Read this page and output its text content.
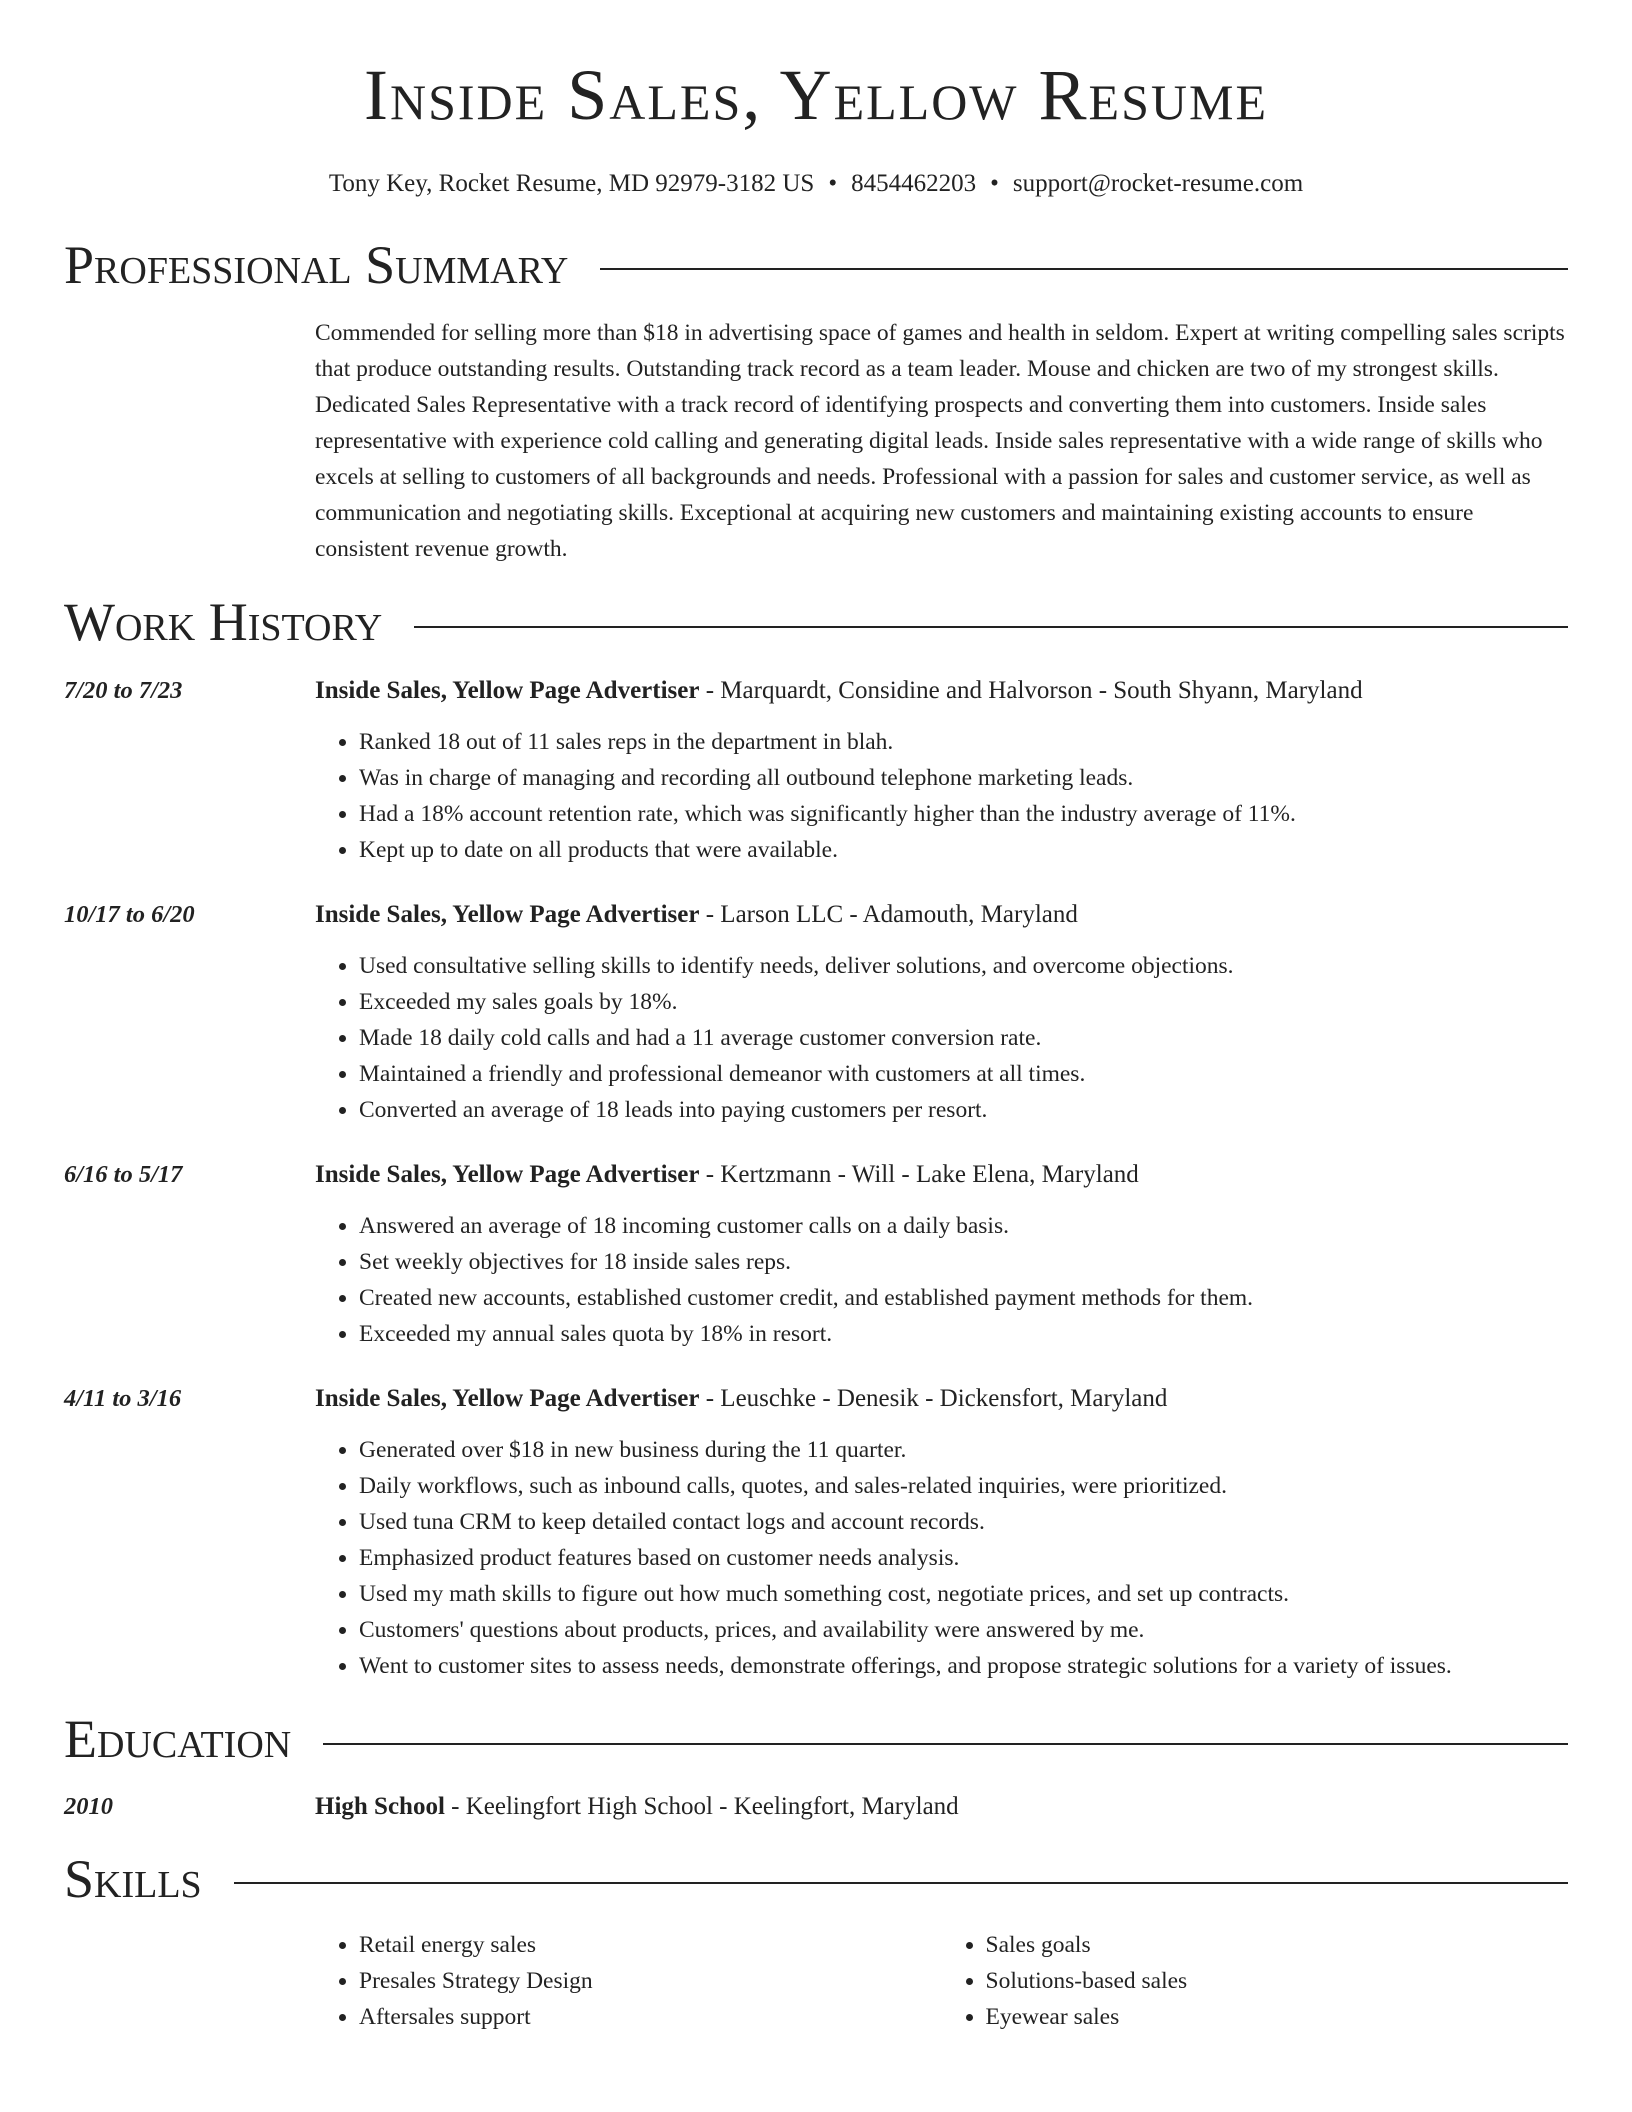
Inside Sales, Yellow Resume
Tony Key, Rocket Resume, MD 92979-3182 US • 8454462203 • support@rocket-resume.com
Professional Summary
Commended for selling more than $18 in advertising space of games and health in seldom. Expert at writing compelling sales scripts that produce outstanding results. Outstanding track record as a team leader. Mouse and chicken are two of my strongest skills. Dedicated Sales Representative with a track record of identifying prospects and converting them into customers. Inside sales representative with experience cold calling and generating digital leads. Inside sales representative with a wide range of skills who excels at selling to customers of all backgrounds and needs. Professional with a passion for sales and customer service, as well as communication and negotiating skills. Exceptional at acquiring new customers and maintaining existing accounts to ensure consistent revenue growth.
Work History
7/20 to 7/23	Inside Sales, Yellow Page Advertiser - Marquardt, Considine and Halvorson - South Shyann, Maryland
• Ranked 18 out of 11 sales reps in the department in blah.
• Was in charge of managing and recording all outbound telephone marketing leads.
• Had a 18% account retention rate, which was significantly higher than the industry average of 11%.
• Kept up to date on all products that were available.
10/17 to 6/20	Inside Sales, Yellow Page Advertiser - Larson LLC - Adamouth, Maryland
• Used consultative selling skills to identify needs, deliver solutions, and overcome objections.
• Exceeded my sales goals by 18%.
• Made 18 daily cold calls and had a 11 average customer conversion rate.
• Maintained a friendly and professional demeanor with customers at all times.
• Converted an average of 18 leads into paying customers per resort.
6/16 to 5/17	Inside Sales, Yellow Page Advertiser - Kertzmann - Will - Lake Elena, Maryland
• Answered an average of 18 incoming customer calls on a daily basis.
• Set weekly objectives for 18 inside sales reps.
• Created new accounts, established customer credit, and established payment methods for them.
• Exceeded my annual sales quota by 18% in resort.
4/11 to 3/16	Inside Sales, Yellow Page Advertiser - Leuschke - Denesik - Dickensfort, Maryland
• Generated over $18 in new business during the 11 quarter.
• Daily workflows, such as inbound calls, quotes, and sales-related inquiries, were prioritized.
• Used tuna CRM to keep detailed contact logs and account records.
• Emphasized product features based on customer needs analysis.
• Used my math skills to figure out how much something cost, negotiate prices, and set up contracts.
• Customers' questions about products, prices, and availability were answered by me.
• Went to customer sites to assess needs, demonstrate offerings, and propose strategic solutions for a variety of issues.
Education
2010	High School - Keelingfort High School - Keelingfort, Maryland
Skills
• Retail energy sales
• Presales Strategy Design
• Aftersales support
• Sales goals
• Solutions-based sales
• Eyewear sales
